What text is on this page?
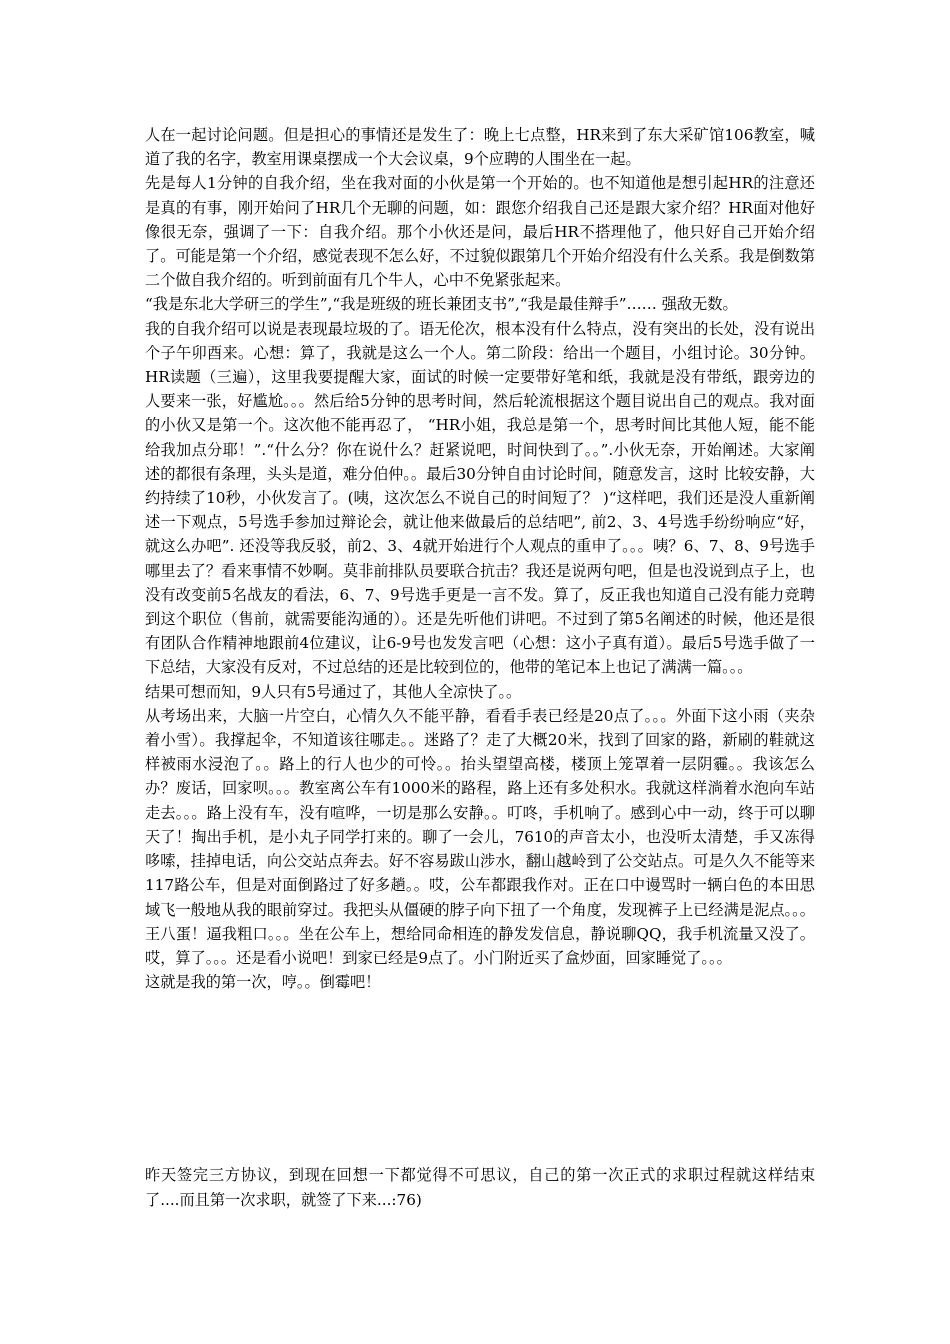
人在一起讨论问题。但是担心的事情还是发生了：晚上七点整，HR来到了东大采矿馆106教室，喊道了我的名字，教室用课桌摆成一个大会议桌，9个应聘的人围坐在一起。

先是每人1分钟的自我介绍，坐在我对面的小伙是第一个开始的。也不知道他是想引起HR的注意还是真的有事，刚开始问了HR几个无聊的问题，如：跟您介绍我自己还是跟大家介绍？HR面对他好像很无奈，强调了一下：自我介绍。那个小伙还是问，最后HR不搭理他了，他只好自己开始介绍了。可能是第一个介绍，感觉表现不怎么好，不过貌似跟第几个开始介绍没有什么关系。我是倒数第二个做自我介绍的。听到前面有几个牛人，心中不免紧张起来。

“我是东北大学研三的学生”,“我是班级的班长兼团支书”,“我是最佳辩手”…… 强敌无数。

我的自我介绍可以说是表现最垃圾的了。语无伦次，根本没有什么特点，没有突出的长处，没有说出个子午卯酉来。心想：算了，我就是这么一个人。第二阶段：给出一个题目，小组讨论。30分钟。HR读题（三遍），这里我要提醒大家，面试的时候一定要带好笔和纸，我就是没有带纸，跟旁边的人要来一张，好尴尬。。。然后给5分钟的思考时间，然后轮流根据这个题目说出自己的观点。我对面的小伙又是第一个。这次他不能再忍了， “HR小姐，我总是第一个，思考时间比其他人短，能不能给我加点分耶！”.“什么分？你在说什么？赶紧说吧，时间快到了。。”.小伙无奈，开始阐述。大家阐述的都很有条理，头头是道，难分伯仲。。最后30分钟自由讨论时间，随意发言，这时 比较安静，大约持续了10秒，小伙发言了。(咦，这次怎么不说自己的时间短了？ )“这样吧，我们还是没人重新阐述一下观点，5号选手参加过辩论会，就让他来做最后的总结吧”, 前2、3、4号选手纷纷响应“好，就这么办吧”. 还没等我反驳，前2、3、4就开始进行个人观点的重申了。。。咦？6、7、8、9号选手哪里去了？看来事情不妙啊。莫非前排队员要联合抗击？我还是说两句吧，但是也没说到点子上，也没有改变前5名战友的看法，6、7、9号选手更是一言不发。算了，反正我也知道自己没有能力竞聘到这个职位（售前，就需要能沟通的）。还是先听他们讲吧。不过到了第5名阐述的时候，他还是很有团队合作精神地跟前4位建议，让6-9号也发发言吧（心想：这小子真有道）。最后5号选手做了一下总结，大家没有反对，不过总结的还是比较到位的，他带的笔记本上也记了满满一篇。。。

结果可想而知，9人只有5号通过了，其他人全凉快了。。

从考场出来，大脑一片空白，心情久久不能平静，看看手表已经是20点了。。。外面下这小雨（夹杂着小雪）。我撑起伞，不知道该往哪走。。迷路了？走了大概20米，找到了回家的路，新刷的鞋就这样被雨水浸泡了。。路上的行人也少的可怜。。抬头望望高楼，楼顶上笼罩着一层阴霾。。我该怎么办？废话，回家呗。。。教室离公车有1000米的路程，路上还有多处积水。我就这样淌着水泡向车站走去。。。路上没有车，没有喧哗，一切是那么安静。。叮咚，手机响了。感到心中一动，终于可以聊天了！掏出手机，是小丸子同学打来的。聊了一会儿，7610的声音太小，也没听太清楚，手又冻得哆嗦，挂掉电话，向公交站点奔去。好不容易跋山涉水，翻山越岭到了公交站点。可是久久不能等来117路公车，但是对面倒路过了好多趟。。哎，公车都跟我作对。正在口中谩骂时一辆白色的本田思域飞一般地从我的眼前穿过。我把头从僵硬的脖子向下扭了一个角度，发现裤子上已经满是泥点。。。王八蛋！逼我粗口。。。坐在公车上，想给同命相连的静发发信息，静说聊QQ，我手机流量又没了。哎，算了。。。还是看小说吧！到家已经是9点了。小门附近买了盒炒面，回家睡觉了。。。

这就是我的第一次，哼。。倒霉吧！

昨天签完三方协议，到现在回想一下都觉得不可思议，自己的第一次正式的求职过程就这样结束了....而且第一次求职，就签了下来...:76)
